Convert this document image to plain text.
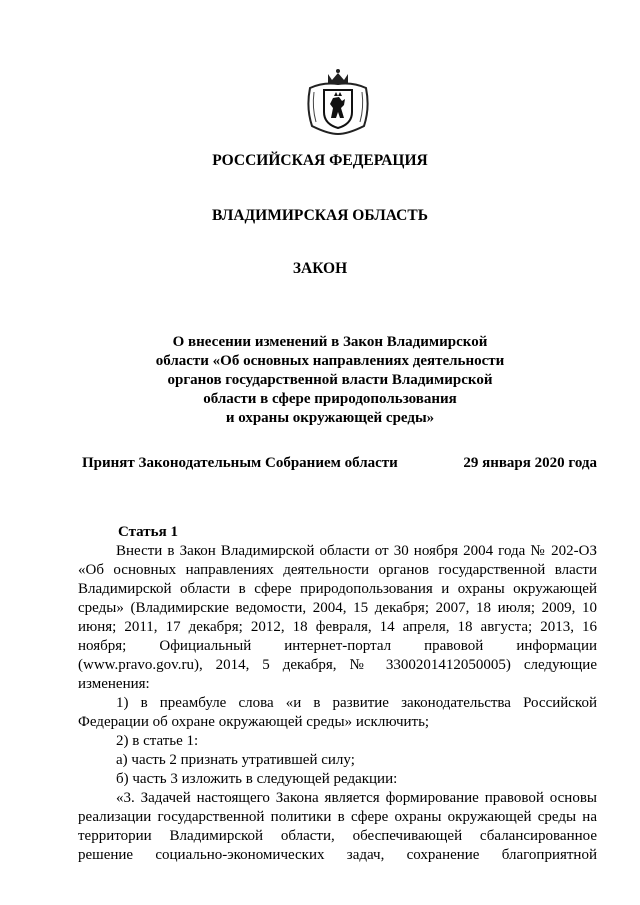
РОССИЙСКАЯ ФЕДЕРАЦИЯ
ВЛАДИМИРСКАЯ ОБЛАСТЬ
ЗАКОН
О внесении изменений в Закон Владимирской
области «Об основных направлениях деятельности
органов государственной власти Владимирской
области в сфере природопользования
и охраны окружающей среды»
Принят Законодательным Собранием области	29 января 2020 года
Статья 1
Внести в Закон Владимирской области от 30 ноября 2004 года № 202-ОЗ
«Об основных направлениях деятельности органов государственной власти
Владимирской области в сфере природопользования и охраны окружающей
среды» (Владимирские ведомости, 2004, 15 декабря; 2007, 18 июля; 2009, 10
июня; 2011, 17 декабря; 2012, 18 февраля, 14 апреля, 18 августа; 2013, 16
ноября; Официальный интернет-портал правовой информации
(www.pravo.gov.ru), 2014, 5 декабря, № 3300201412050005) следующие
изменения:
1) в преамбуле слова «и в развитие законодательства Российской
Федерации об охране окружающей среды» исключить;
2) в статье 1:
а) часть 2 признать утратившей силу;
б) часть 3 изложить в следующей редакции:
«3. Задачей настоящего Закона является формирование правовой основы
реализации государственной политики в сфере охраны окружающей среды на
территории Владимирской области, обеспечивающей сбалансированное
решение социально-экономических задач, сохранение благоприятной
